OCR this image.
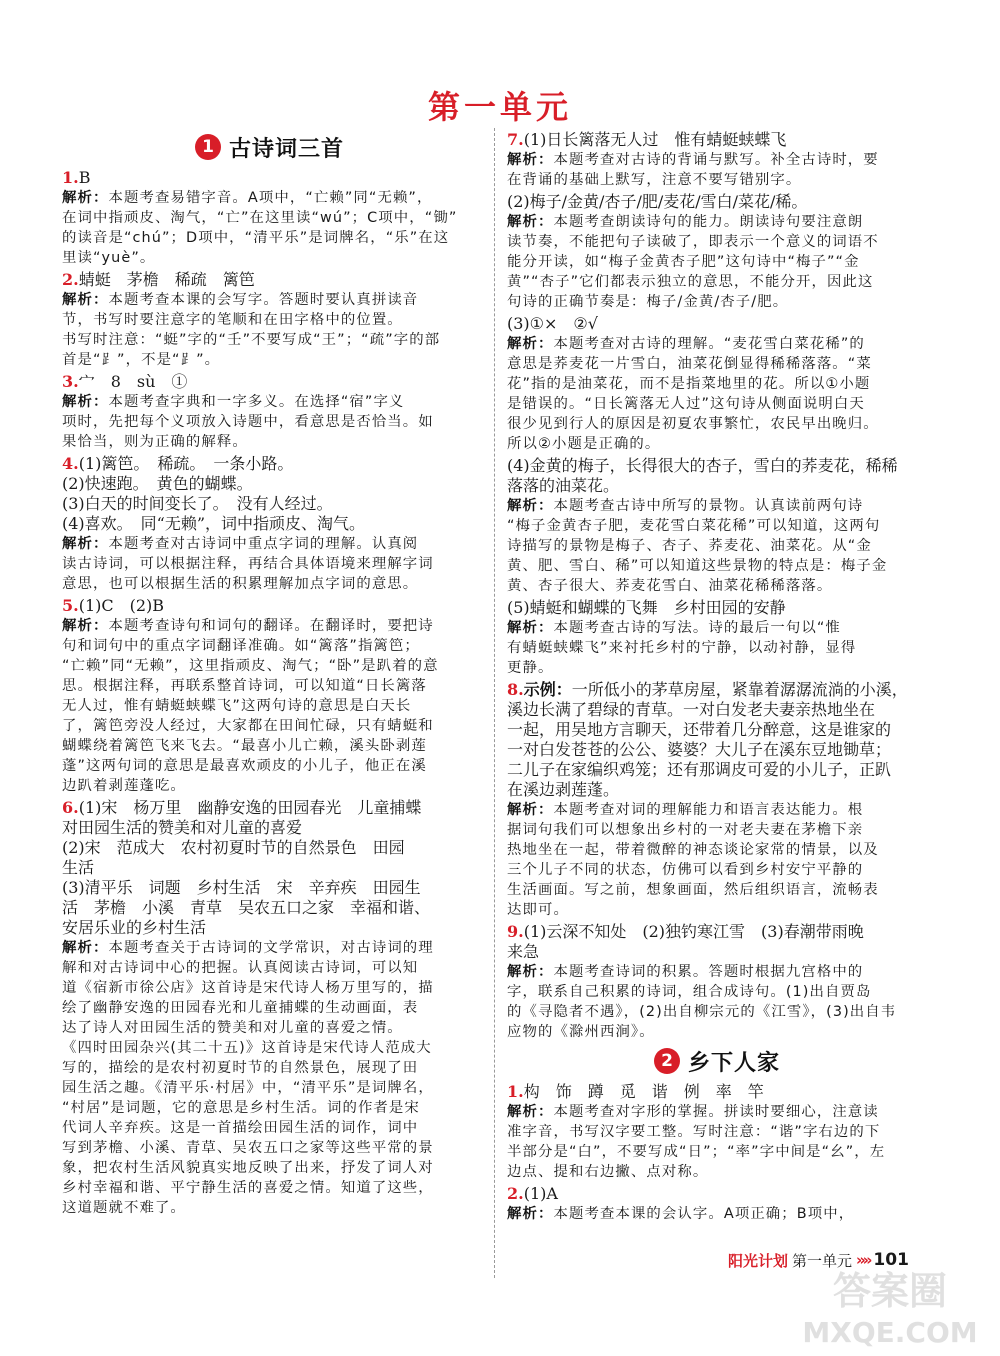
第一单元
1 古诗词三首
1.B
解析：本题考查易错字音。A项中，“亡赖”同“无赖”，
在词中指顽皮、淘气，“亡”在这里读“wú”；C项中，“锄”
的读音是“chú”；D项中，“清平乐”是词牌名，“乐”在这
里读“yuè”。
2.蜻蜓　茅檐　稀疏　篱笆
解析：本题考查本课的会写字。答题时要认真拼读音
节，书写时要注意字的笔顺和在田字格中的位置。
书写时注意：“蜓”字的“壬”不要写成“王”；“疏”字的部
首是“⻊”，不是“⻊”。
3.宀　8　sù　①
解析：本题考查字典和一字多义。在选择“宿”字义
项时，先把每个义项放入诗题中，看意思是否恰当。如
果恰当，则为正确的解释。
4.(1)篱笆。　稀疏。　一条小路。
(2)快速跑。　黄色的蝴蝶。
(3)白天的时间变长了。　没有人经过。
(4)喜欢。　同“无赖”，词中指顽皮、淘气。
解析：本题考查对古诗词中重点字词的理解。认真阅
读古诗词，可以根据注释，再结合具体语境来理解字词
意思，也可以根据生活的积累理解加点字词的意思。
5.(1)C　(2)B
解析：本题考查诗句和词句的翻译。在翻译时，要把诗
句和词句中的重点字词翻译准确。如“篱落”指篱笆；
“亡赖”同“无赖”，这里指顽皮、淘气；“卧”是趴着的意
思。根据注释，再联系整首诗词，可以知道“日长篱落
无人过，惟有蜻蜓蛱蝶飞”这两句诗的意思是白天长
了，篱笆旁没人经过，大家都在田间忙碌，只有蜻蜓和
蝴蝶绕着篱笆飞来飞去。“最喜小儿亡赖，溪头卧剥莲
蓬”这两句词的意思是最喜欢顽皮的小儿子，他正在溪
边趴着剥莲蓬吃。
6.(1)宋　杨万里　幽静安逸的田园春光　儿童捕蝶
对田园生活的赞美和对儿童的喜爱
(2)宋　范成大　农村初夏时节的自然景色　田园
生活
(3)清平乐　词题　乡村生活　宋　辛弃疾　田园生
活　茅檐　小溪　青草　吴农五口之家　幸福和谐、
安居乐业的乡村生活
解析：本题考查关于古诗词的文学常识，对古诗词的理
解和对古诗词中心的把握。认真阅读古诗词，可以知
道《宿新市徐公店》这首诗是宋代诗人杨万里写的，描
绘了幽静安逸的田园春光和儿童捕蝶的生动画面，表
达了诗人对田园生活的赞美和对儿童的喜爱之情。
《四时田园杂兴(其二十五)》这首诗是宋代诗人范成大
写的，描绘的是农村初夏时节的自然景色，展现了田
园生活之趣。《清平乐·村居》中，“清平乐”是词牌名，
“村居”是词题，它的意思是乡村生活。词的作者是宋
代词人辛弃疾。这是一首描绘田园生活的词作，词中
写到茅檐、小溪、青草、吴农五口之家等这些平常的景
象，把农村生活风貌真实地反映了出来，抒发了词人对
乡村幸福和谐、平宁静生活的喜爱之情。知道了这些，
这道题就不难了。
7.(1)日长篱落无人过　惟有蜻蜓蛱蝶飞
解析：本题考查对古诗的背诵与默写。补全古诗时，要
在背诵的基础上默写，注意不要写错别字。
(2)梅子/金黄/杏子/肥/麦花/雪白/菜花/稀。
解析：本题考查朗读诗句的能力。朗读诗句要注意朗
读节奏，不能把句子读破了，即表示一个意义的词语不
能分开读，如“梅子金黄杏子肥”这句诗中“梅子”“金
黄”“杏子”它们都表示独立的意思，不能分开，因此这
句诗的正确节奏是：梅子/金黄/杏子/肥。
(3)①×　②√
解析：本题考查对古诗的理解。“麦花雪白菜花稀”的
意思是荞麦花一片雪白，油菜花倒显得稀稀落落。“菜
花”指的是油菜花，而不是指菜地里的花。所以①小题
是错误的。“日长篱落无人过”这句诗从侧面说明白天
很少见到行人的原因是初夏农事繁忙，农民早出晚归。
所以②小题是正确的。
(4)金黄的梅子，长得很大的杏子，雪白的荞麦花，稀稀
落落的油菜花。
解析：本题考查古诗中所写的景物。认真读前两句诗
“梅子金黄杏子肥，麦花雪白菜花稀”可以知道，这两句
诗描写的景物是梅子、杏子、荞麦花、油菜花。从“金
黄、肥、雪白、稀”可以知道这些景物的特点是：梅子金
黄、杏子很大、荞麦花雪白、油菜花稀稀落落。
(5)蜻蜓和蝴蝶的飞舞　乡村田园的安静
解析：本题考查古诗的写法。诗的最后一句以“惟
有蜻蜓蛱蝶飞”来衬托乡村的宁静，以动衬静，显得
更静。
8.示例：一所低小的茅草房屋，紧靠着潺潺流淌的小溪，
溪边长满了碧绿的青草。一对白发老夫妻亲热地坐在
一起，用吴地方言聊天，还带着几分醉意，这是谁家的
一对白发苍苍的公公、婆婆？大儿子在溪东豆地锄草；
二儿子在家编织鸡笼；还有那调皮可爱的小儿子，正趴
在溪边剥莲蓬。
解析：本题考查对词的理解能力和语言表达能力。根
据词句我们可以想象出乡村的一对老夫妻在茅檐下亲
热地坐在一起，带着微醉的神态谈论家常的情景，以及
三个儿子不同的状态，仿佛可以看到乡村安宁平静的
生活画面。写之前，想象画面，然后组织语言，流畅表
达即可。
9.(1)云深不知处　(2)独钓寒江雪　(3)春潮带雨晚
来急
解析：本题考查诗词的积累。答题时根据九宫格中的
字，联系自己积累的诗词，组合成诗句。(1)出自贾岛
的《寻隐者不遇》，(2)出自柳宗元的《江雪》，(3)出自韦
应物的《滁州西涧》。
2 乡下人家
1.构　饰　蹲　觅　谐　例　率　竿
解析：本题考查对字形的掌握。拼读时要细心，注意读
准字音，书写汉字要工整。写时注意：“谐”字右边的下
半部分是“白”，不要写成“日”；“率”字中间是“幺”，左
边点、提和右边撇、点对称。
2.(1)A
解析：本题考查本课的会认字。A项正确；B项中，
阳光计划 第一单元 »» 101
答案圈
MXQE.COM
